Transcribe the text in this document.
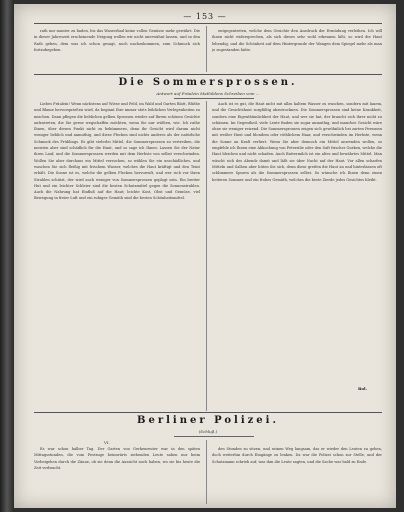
— 153 —

rath nur munter zu baden, bis das Wasserbad keine vollen Genüsse mehr gewährt. Die in dieser Jahreszeit erscheinende Neigung wollen wir nicht unerwähnt lassen, und so den Rath geben, dem was ich schon gesagt, noch nachzukommen, zum Schmuck sich fortzubegeben.

entgegentreten, welche dem Gesichte den Ausdruck der Ermüdung verleihen. Ich will ihnen nicht widersprechen, als sich dieses sehr wohl erkennen läßt, so wird die Haut lebendig, und die Schönheit auf dem Hintergrunde der Wangen dem Spiegel mehr als man je zugestanden hätte.

Die Sommersprossen.
Antwort auf Fräulein Mathildens Schreiben vom ...

Liebes Fräulein! Wenn nächstens auf Wiese und Feld, im Wald und Garten Blatt, Blüthe und Blume hervorsprießen wird, da beginnt Ihre immer stets leiblichen Verlegenheiten zu mischen. Dann pflegen die lieblichen gelben Sprossen wieder auf Ihrem schönen Gesichte aufzutreten, die Sie gerne wegschaffen möchten, wenn Sie nur wüßten, wie. Ich rathe Ihnen, über diesen Punkt nicht zu bekümmern, denn ihr Gesicht wird darum nicht weniger lieblich und anmuthig, und diese Flecken sind nichts anderes als der natürliche Schmuck des Frühlings. Es gibt vielerlei Mittel, die Sommersprossen zu vertreiben, die meisten aber sind schädlich für die Haut, und so sage ich Ihnen: Lassen Sie der Natur ihren Lauf, und die Sommersprossen werden mit dem Herbste von selbst verschwinden. Wollen Sie aber durchaus ein Mittel versuchen, so wählen Sie ein unschädliches, und waschen Sie sich fleißig mit frischem Wasser, welches die Haut kräftigt und den Teint erhält. Die Sonne ist es, welche die gelben Flecken hervorruft, und wer sich vor ihren Strahlen schützt, der wird auch weniger von Sommersprossen geplagt sein. Ein breiter Hut und ein leichter Schleier sind die besten Schutzmittel gegen die Sonnenstrahlen. Auch die Nahrung hat Einfluß auf die Haut; leichte Kost, Obst und Gemüse, viel Bewegung in freier Luft und ein ruhiges Gemüth sind die besten Schönheitsmittel.

Auch ist es gut, die Haut nicht mit allzu kaltem Wasser zu waschen, sondern mit lauem, und die Gesichtshaut sorgfältig abzutrocknen. Die Sommersprossen sind keine Krankheit, sondern eine Eigenthümlichkeit der Haut, und wer sie hat, der braucht sich ihrer nicht zu schämen. Im Gegentheil, viele Leute finden sie sogar anmuthig, und manches Gesicht wäre ohne sie weniger reizend. Die Sommersprossen zeigen sich gewöhnlich bei zarten Personen mit weißer Haut und blondem oder röthlichem Haar, und verschwinden im Herbste, wenn die Sonne an Kraft verliert. Wenn Sie aber dennoch ein Mittel anwenden wollen, so empfehle ich Ihnen eine Abkochung von Petersilie oder den Saft frischer Gurken, welche die Haut bleichen und nicht schaden. Auch Buttermilch ist ein altes und bewährtes Mittel. Man wäscht sich des Abends damit und läßt sie über Nacht auf der Haut. Vor allen scharfen Mitteln und Salben aber hüten Sie sich, denn diese greifen die Haut an und hinterlassen oft schlimmere Spuren als die Sommersprossen selbst. So wünsche ich Ihnen denn einen heiteren Sommer und ein frohes Gemüth, welches die beste Zierde jedes Gesichtes bleibt.

Bol.
Berliner Polizei.
(Schluß.)
VI.

Es war schon halber Tag. Der Garten von Gerkenreuter war in den späten Mittagsstunden, die vom Festzuge heimwärts ziehenden Leute sahen nur beim Vorbeigehen durch die Zäune, ob sie denn die Aussicht noch haben, wo sie bis heute die Zeit verbracht.

den Stunden zu sitzen, und seinen Weg langsam, das er wieder den Leuten zu gehen, doch weiterhin durch Eingänge zu lenken. Da war die Polizei schon zur Stelle, und der Schutzmann schrieb auf, was ihm die Leute sagten, und die Sache war bald zu Ende.
